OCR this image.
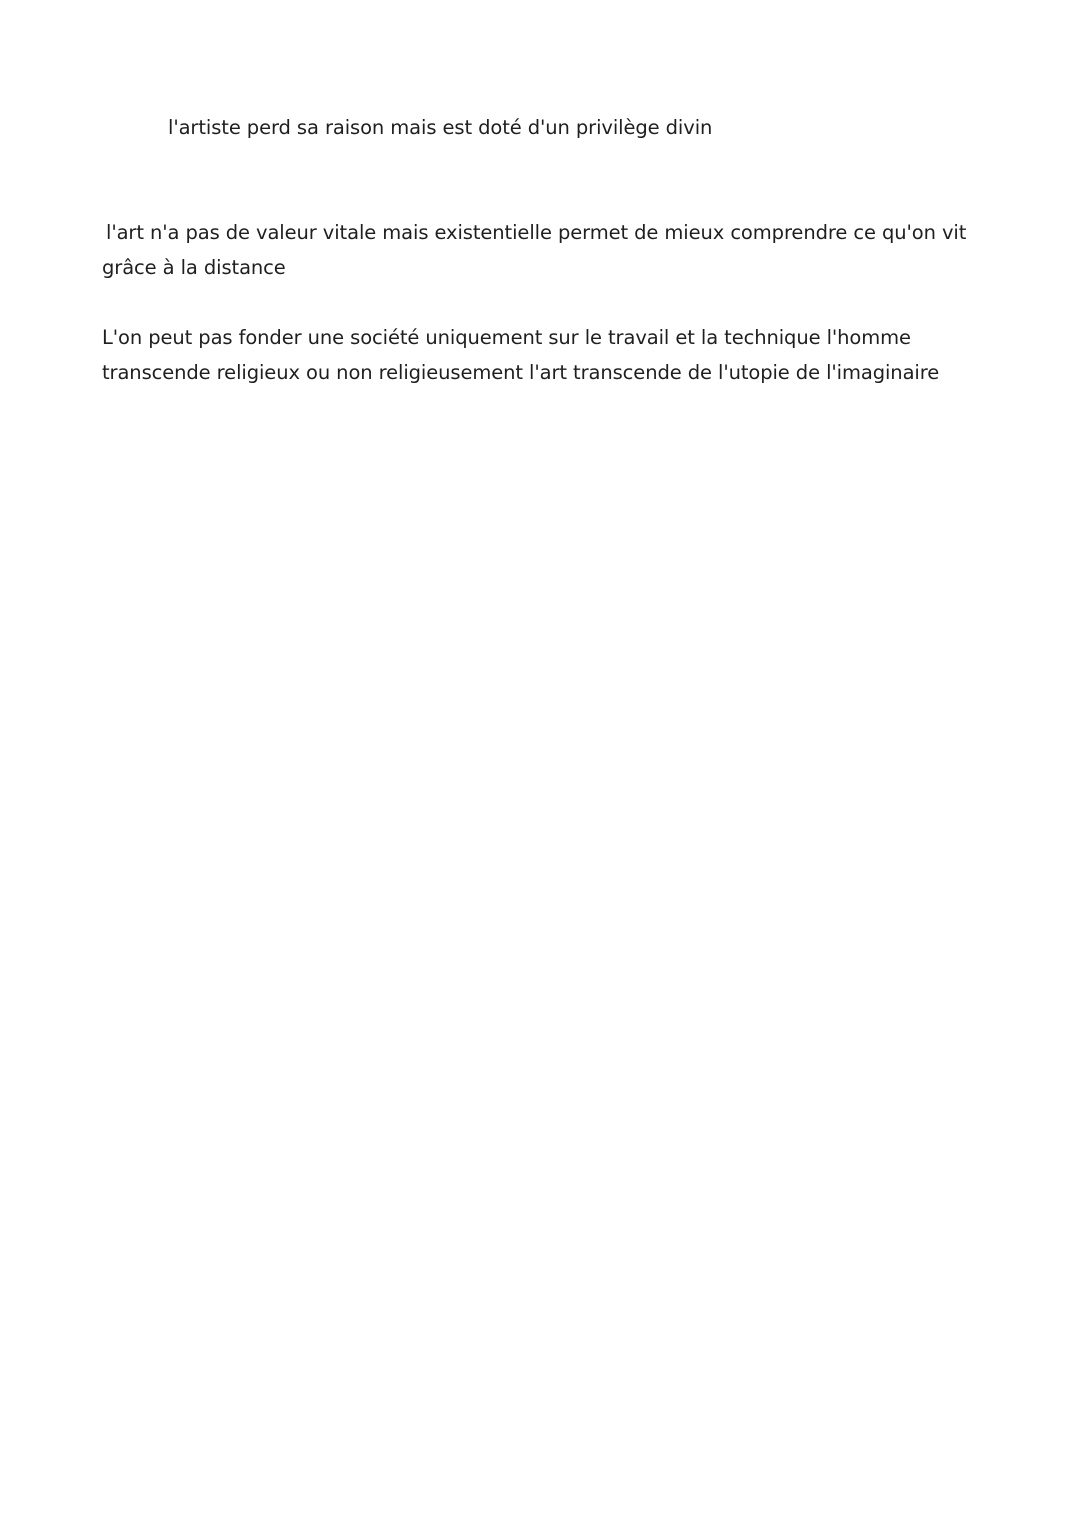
l'artiste perd sa raison mais est doté d'un privilège divin

l'art n'a pas de valeur vitale mais existentielle permet de mieux comprendre ce qu'on vit grâce à la distance

L'on peut pas fonder une société uniquement sur le travail et la technique l'homme transcende religieux ou non religieusement l'art transcende de l'utopie de l'imaginaire
